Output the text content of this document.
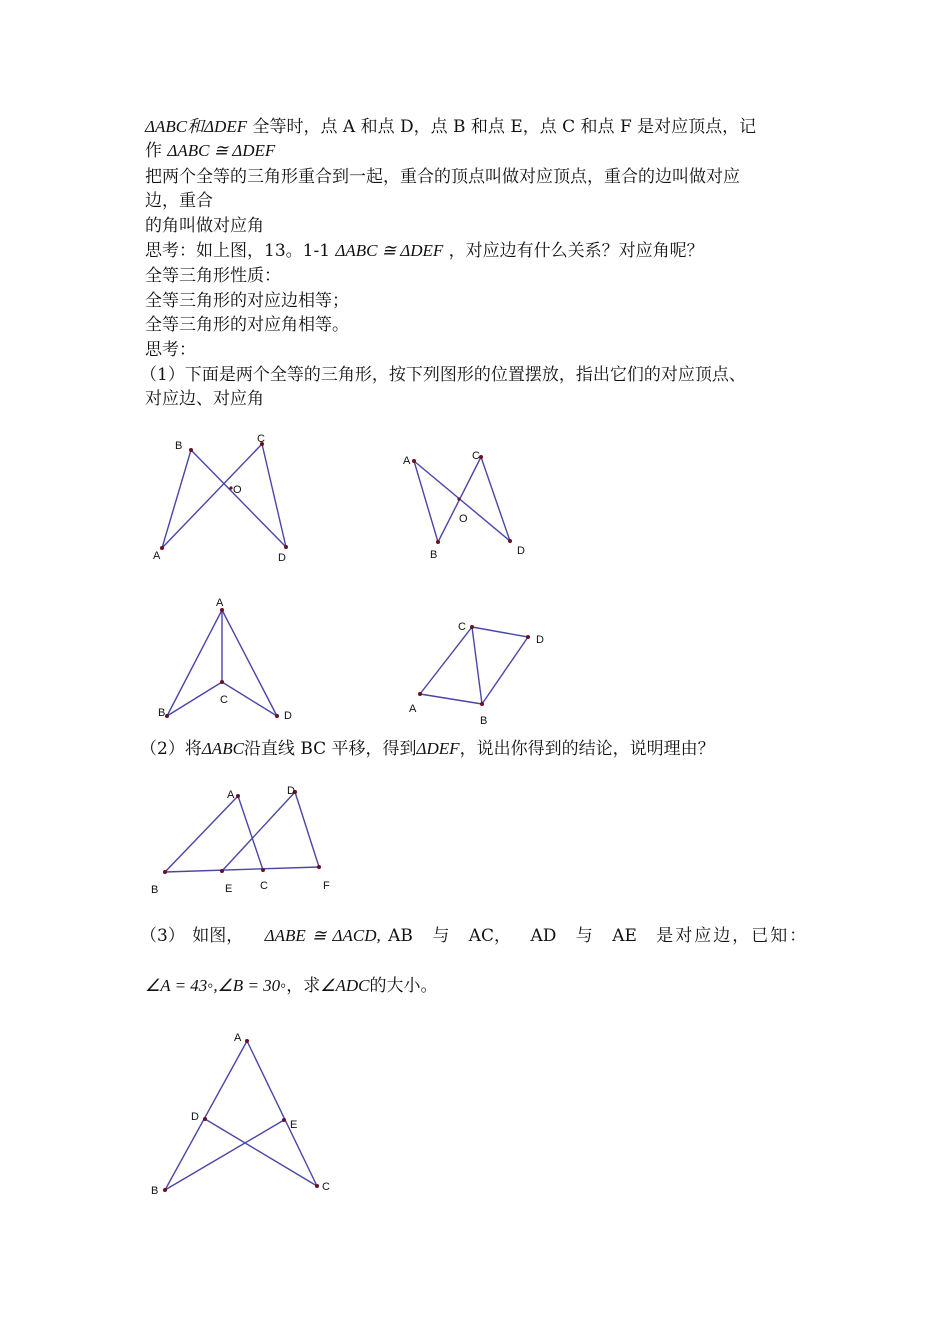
ΔABC和ΔDEF 全等时，点 A 和点 D，点 B 和点 E，点 C 和点 F 是对应顶点，记
作 ΔABC ≅ ΔDEF
把两个全等的三角形重合到一起，重合的顶点叫做对应顶点，重合的边叫做对应
边，重合
的角叫做对应角
思考：如上图，13。1-1 ΔABC ≅ ΔDEF ，对应边有什么关系？对应角呢？
全等三角形性质：
全等三角形的对应边相等；
全等三角形的对应角相等。
思考：
（1）下面是两个全等的三角形，按下列图形的位置摆放，指出它们的对应顶点、
对应边、对应角
B
C
O
A	D
A	C
O
B	D
A
C
B	D
C
D
A
B
（2）将ΔABC沿直线 BC 平移，得到ΔDEF，说出你得到的结论，说明理由？
A	D
B	E	C	F
（3） 如图， ΔABE ≅ ΔACD, AB 与 AC， AD 与 AE 是对应边，已知：
∠A = 43◦,∠B = 30◦，求∠ADC的大小。
A
D
E
B	C
